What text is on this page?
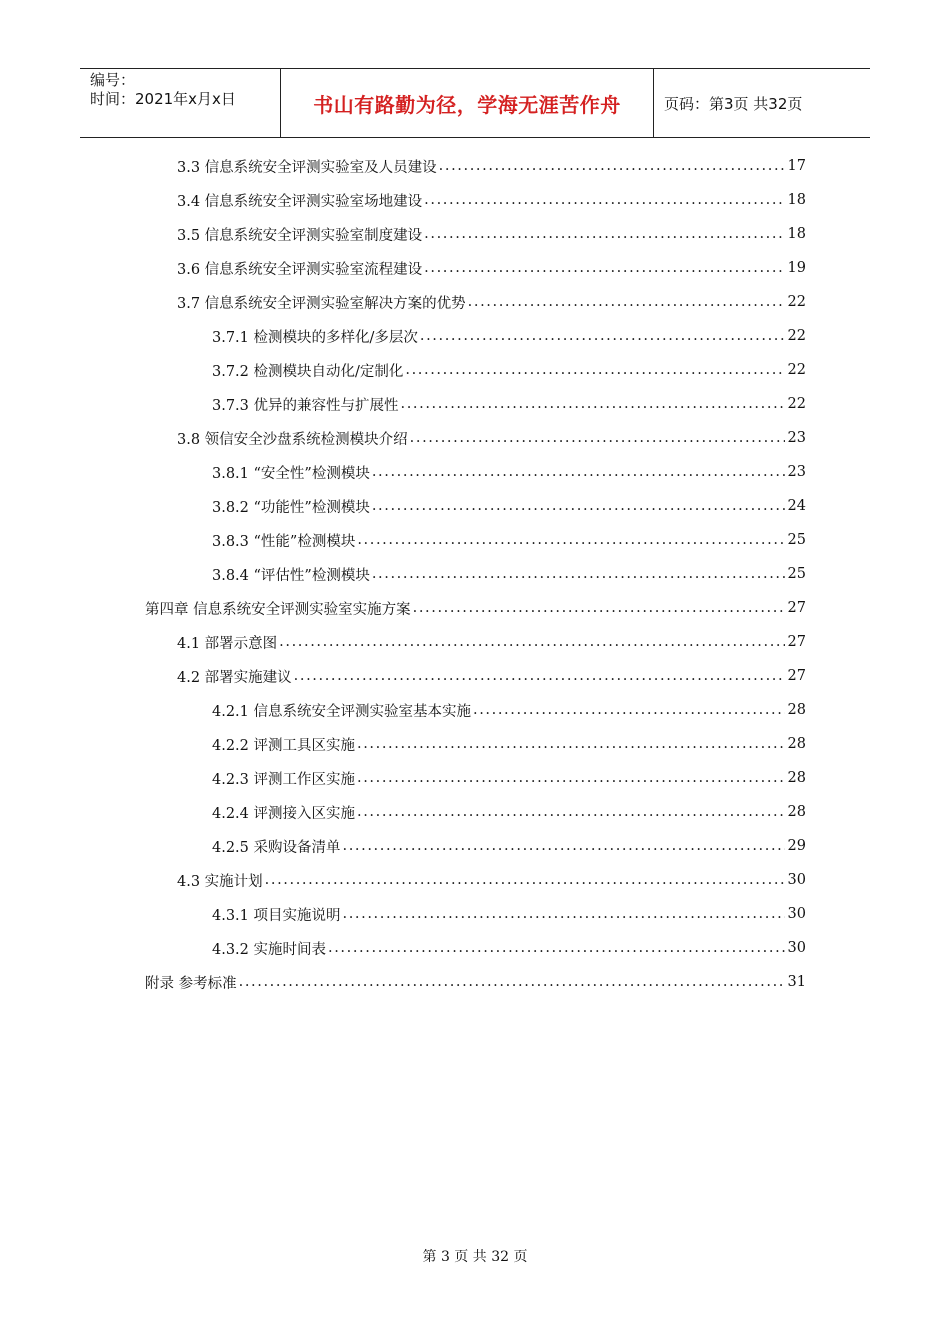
编号：
时间：2021年x月x日	书山有路勤为径，学海无涯苦作舟	页码：第3页 共32页
3.3 信息系统安全评测实验室及人员建设 .....	17
3.4 信息系统安全评测实验室场地建设 .....	18
3.5 信息系统安全评测实验室制度建设 .....	18
3.6 信息系统安全评测实验室流程建设 .....	19
3.7 信息系统安全评测实验室解决方案的优势 .....	22
3.7.1 检测模块的多样化/多层次 .....	22
3.7.2 检测模块自动化/定制化 .....	22
3.7.3 优异的兼容性与扩展性 .....	22
3.8 领信安全沙盘系统检测模块介绍 .....	23
3.8.1 “安全性”检测模块 .....	23
3.8.2 “功能性”检测模块 .....	24
3.8.3 “性能”检测模块 .....	25
3.8.4 “评估性”检测模块 .....	25
第四章 信息系统安全评测实验室实施方案 .....	27
4.1 部署示意图 .....	27
4.2 部署实施建议 .....	27
4.2.1 信息系统安全评测实验室基本实施 .....	28
4.2.2 评测工具区实施 .....	28
4.2.3 评测工作区实施 .....	28
4.2.4 评测接入区实施 .....	28
4.2.5 采购设备清单 .....	29
4.3 实施计划 .....	30
4.3.1 项目实施说明 .....	30
4.3.2 实施时间表 .....	30
附录 参考标准 .....	31
第 3 页 共 32 页
